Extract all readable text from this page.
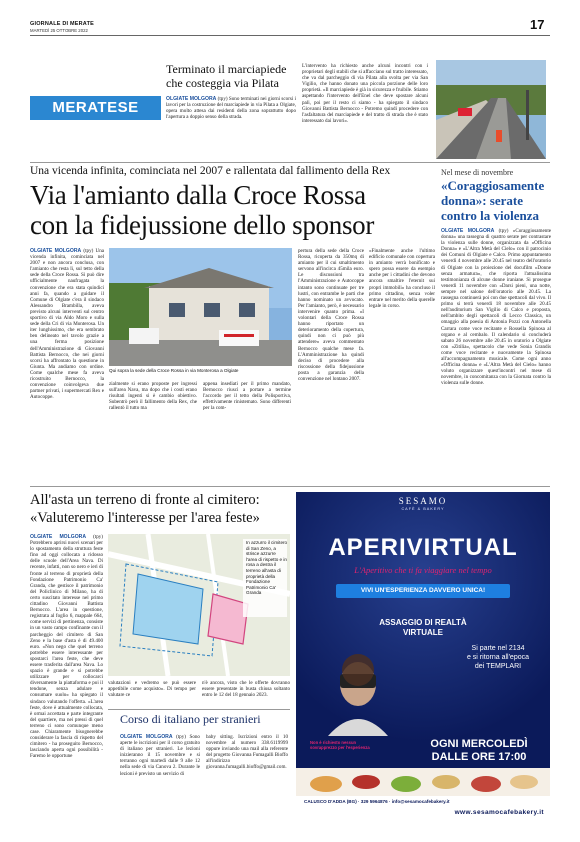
GIORNALE DI MERATE
MARTEDÌ 25 OTTOBRE 2022	17
MERATESE
Terminato il marciapiede che costeggia via Pilata
OLGIATE MOLGORA (tpy) Sono terminati nei giorni scorsi i lavori per la costruzione del marciapiede in via Pilata a Olgiate, opera molto attesa dai residenti della zona soprattutto dopo l'apertura a doppio senso della strada.
L'intervento ha richiesto anche alcuni incontri con i proprietari degli stabili che si affacciano sul tratto interessato, che va dal parcheggio di via Pilata alla svolta per via San Vigilio, che hanno donato una piccola porzione delle loro proprietà. «Il marciapiede è già in sicurezza e fruibile. Stiamo aspettando l'intervento dell'Enel che deve spostare alcuni pali, poi per il resto ci siamo - ha spiegato il sindaco Giovanni Battista Bernocco - Potremo quindi procedere con l'asfaltatura del marciapiede e del tratto di strada che è stato interessato dai lavori».
Una vicenda infinita, cominciata nel 2007 e rallentata dal fallimento della Rex
Via l'amianto dalla Croce Rossa
con la fidejussione dello sponsor
OLGIATE MOLGORA (tpy) Una vicenda infinita, cominciata nel 2007 e non ancora conclusa, con l'amianto che resta lì, sul tetto della sede della Croce Rossa. Si può dire ufficialmente naufragata la convenzione che era stata quindici anni fa, quando a guidare il Comune di Olgiate c'era il sindaco Alessandro Brambilla, aveva previsto alcuni interventi sul centro sportivo di via Aldo Moro e sulla sede della Cri di via Monterosa. Un iter lunghissimo, che era sembrato ben delineato nel tavolo grazie a una ferma posizione dell'Amministrazione di Giovanni Battista Bernocco, che nei giorni scorsi ha affrontato la questione in Giunta. Ma andiamo con ordine. Come qualche mese fa aveva ricostruito Bernocco, la convenzione coinvolgeva due partner privati, i supermercati Rex e Autocoppe.
Qui sopra la sede della Croce Rossa in via Monterosa a Olgiate
zialmente si erano proposte per ingressi sull'area Nava, ma dopo che i costi erano risultati ingenti si è cambio obiettivo. Subentrò però il fallimento della Rex, che rallentò il tutto ma
appena insediati per il primo mandato, Bernocco riuscì a portare a termine l'accordo per il tetto della Polisportiva, effettivamente rinistemato. Sono differenti per la com-
pertura della sede della Croce Rossa, ricoperta da 350mq di amianto per il cui smaltimento servono all'incirca 45mila euro. Le discussioni tra l'Amministrazione e Autocoppe intanto sono continuate per tre lustri, con entrambe le parti che hanno nominato un avvocato. Per l'amianto, però, è necessario intervenire quanto prima. «I volontari della Croce Rossa hanno riportato un deterioramento della copertura, quindi non ci può più attendere» aveva commentato Bernocco qualche mese fa. L'Amministrazione ha quindi deciso di procedere alla riscossione della fidejussione posta a garanzia della convenzione nel lontano 2007.
«Finalmente anche l'ultimo edificio comunale con copertura in amianto verrà bonificato e spero possa essere da esempio anche per i cittadini che devono ancora smaltire l'eternit sui propri immobili» ha concluso il primo cittadino, senza voler entrare nel merito della querelle legale in corso.
Nel mese di novembre
«Coraggiosamente donna»: serate contro la violenza
OLGIATE MOLGORA (tpy) «Coraggiosamente donna» una rassegna di quattro serate per contrastare la violenza sulle donne, organizzata da «Officina Donna» e «L'Altra Metà del Cielo» con il patrocinio dei Comuni di Olgiate e Calco. Primo appuntamento venerdì 4 novembre alle 20.45 nel teatro dell'oratorio di Olgiate con la proiezione del docufilm «Donne senza armatura», che riporta l'attualissima testimonianza di alcune donne iraniane. Si prosegue venerdì 11 novembre con «Darsi pieni, una notte, sempre nel salone dell'oratorio alle 20.45. La rassegna continuerà poi con due spettacoli dal vivo. Il primo si terrà venerdì 18 novembre alle 20.45 nell'auditorium San Vigilio di Calco e proposta, nell'ambito degli spettacoli di Lecco Classica, un omaggio alla poesia di Antonia Pozzi con Antonella Carrara come voce recitante e Rossella Spinosa al organo e al cembalo. Il calendario si concluderà sabato 26 novembre alle 20.45 in oratorio a Olgiate con «Zitilia», spettacolo che vede Sonia Grandis come voce recitante e nuovamente la Spinosa all'accompagnamento musicale. Come ogni anno «Officina donna» e «L'Altra Metà del Cielo» hanno voluto organizzare quest'incontri nel mese di novembre, in concomitanza con la Giornata contro la violenza sulle donne.
All'asta un terreno di fronte al cimitero:
«Valuteremo l'interesse per l'area feste»
OLGIATE MOLGORA (tpy) Potrebbero aprirsi nuovi scenari per lo spostamento della struttura feste fino ad oggi collocata a ridosso delle scuole dell'Area Nava. Di recente, infatti, non so nero e ieri di fronte al terreno di proprietà della Fondazione Patrimonio Ca' Granda, che gestisce il patrimonio del Policlinico di Milano, ha di certo suscitato interesse nel primo cittadino Giovanni Battista Bernocco. L'area in questione, registrata al foglio 6, mappale 664, come servizi di pertinenza, consiste in un vasto campo confinante con il parcheggio del cimitero di San Zeno e la base d'asta è di 49.400 euro. «Non nego che quel terreno potrebbe essere interessante per spostarci l'area feste, che deve essere trasferita dall'area Nava. Lo spazio è grande e si potrebbe utilizzare per collocarci diversamente la piattaforma e poi il tendone, senza adulare e consumare suolo» ha spiegato il sindaco valutando l'offerta. «L'area feste, dove è attualmente collocata, è ormai accettata e parte integrante del quartiere, ma nei pressi di quel terreno ci sono comunque meno case. Chiaramente bisognerebbe considerare la fascia di rispetto del cimitero - ha proseguito Bernocco, lasciando aperta ogni possibilità - Faremo le opportune
In azzurro il cimitero di San Zeno, a strisce azzurre l'area di rispetto e in rosa a destra il terreno all'asta di proprietà della Fondazione Patrimonio Ca' Granda
valutazioni e vedremo se può essere appetibile come acquisto». Di tempo per valutare ce
n'è ancora, visto che le offerte dovranno essere presentate in busta chiusa soltanto entro le 12 del 18 gennaio 2023.
Corso di italiano per stranieri
OLGIATE MOLGORA (tpy) Sono aperte le iscrizioni per il corso gratuito di italiano per stranieri. Le lezioni inizieranno il 15 novembre e si terranno ogni martedì dalle 9 alle 12 nella sede di via Canova 2. Durante le lezioni è previsto un servizio di
baby sitting. Iscrizioni entro il 10 novembre al numero 338.6119999 oppure inviando una mail alla referente del progetto Giovanna Fumagalli Bioffo all'indirizzo giovanna.fumagalli.bioffo@gmail.com.
SESAMO
CAFÈ & BAKERY
APERIVIRTUAL
L'Aperitivo che ti fa viaggiare nel tempo
VIVI UN'ESPERIENZA DAVVERO UNICA!
ASSAGGIO DI REALTÀ
VIRTUALE
Si parte nel 2134
e si ritorna all'epoca
dei TEMPLARI
Non è richiesto nessun sovrapprezzo per l'esperienza	OGNI MERCOLEDÌ
DALLE ORE 17:00
CALUSCO D'ADDA (BG) · 329 5964876 · info@sesamocafebakery.it
www.sesamocafebakery.it
